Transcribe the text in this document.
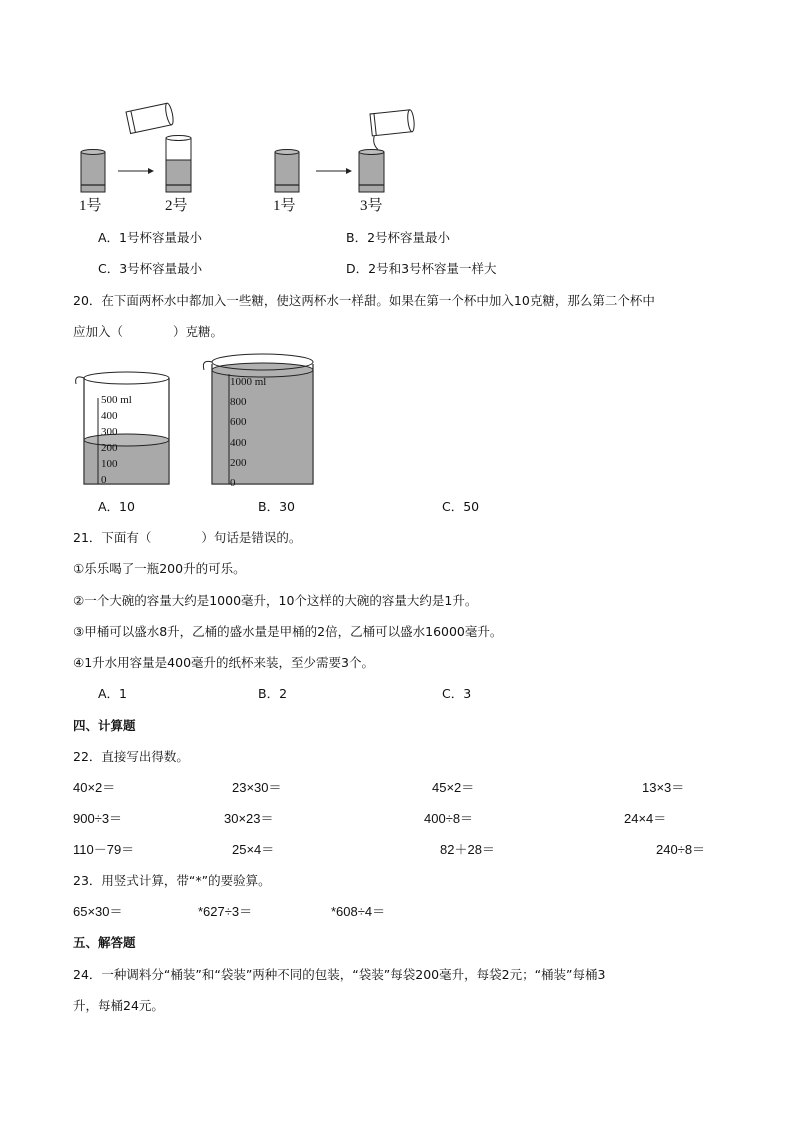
1号	2号	1号	3号
A．1号杯容量最小	B．2号杯容量最小
C．3号杯容量最小	D．2号和3号杯容量一样大
20．在下面两杯水中都加入一些糖，使这两杯水一样甜。如果在第一个杯中加入10克糖，那么第二个杯中
应加入（　　　　）克糖。
500 ml
400
300
200
100
0
1000 ml
800
600
400
200
0
A．10	B．30	C．50
21．下面有（　　　　）句话是错误的。
①乐乐喝了一瓶200升的可乐。
②一个大碗的容量大约是1000毫升，10个这样的大碗的容量大约是1升。
③甲桶可以盛水8升，乙桶的盛水量是甲桶的2倍，乙桶可以盛水16000毫升。
④1升水用容量是400毫升的纸杯来装，至少需要3个。
A．1	B．2	C．3
四、计算题
22．直接写出得数。
40×2＝	23×30＝	45×2＝	13×3＝
900÷3＝	30×23＝	400÷8＝	24×4＝
110－79＝	25×4＝	82＋28＝	240÷8＝
23．用竖式计算，带“*”的要验算。
65×30＝	*627÷3＝	*608÷4＝
五、解答题
24．一种调料分“桶装”和“袋装”两种不同的包装，“袋装”每袋200毫升，每袋2元；“桶装”每桶3
升，每桶24元。
